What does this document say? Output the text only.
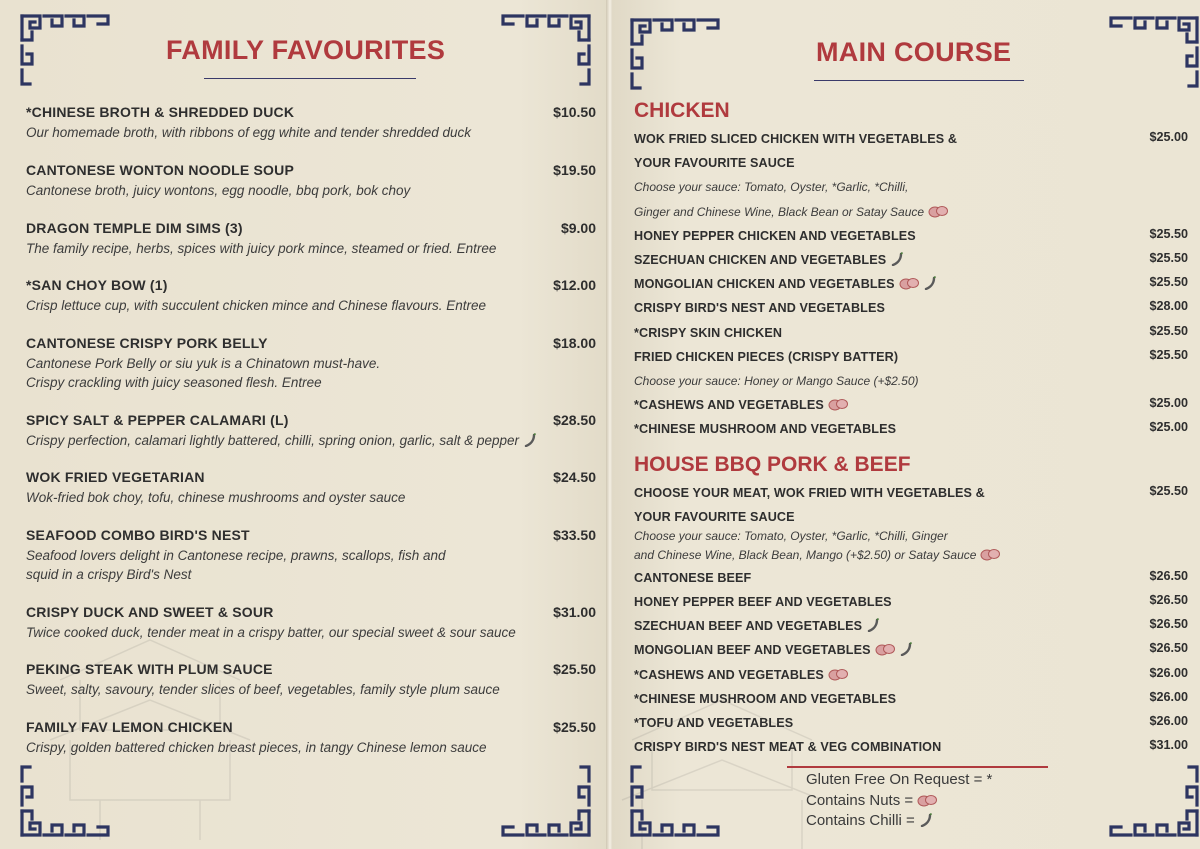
FAMILY FAVOURITES	MAIN COURSE
*CHINESE BROTH & SHREDDED DUCK	$10.50
Our homemade broth, with ribbons of egg white and tender shredded duck
CANTONESE WONTON NOODLE SOUP	$19.50
Cantonese broth, juicy wontons, egg noodle, bbq pork, bok choy
DRAGON TEMPLE DIM SIMS (3)	$9.00
The family recipe, herbs, spices with juicy pork mince, steamed or fried. Entree
*SAN CHOY BOW (1)	$12.00
Crisp lettuce cup, with succulent chicken mince and Chinese flavours. Entree
CANTONESE CRISPY PORK BELLY	$18.00
Cantonese Pork Belly or siu yuk is a Chinatown must-have.
Crispy crackling with juicy seasoned flesh. Entree
SPICY SALT & PEPPER CALAMARI (L)	$28.50
Crispy perfection, calamari lightly battered, chilli, spring onion, garlic, salt & pepper
WOK FRIED VEGETARIAN	$24.50
Wok-fried bok choy, tofu, chinese mushrooms and oyster sauce
SEAFOOD COMBO BIRD'S NEST	$33.50
Seafood lovers delight in Cantonese recipe, prawns, scallops, fish and
squid in a crispy Bird's Nest
CRISPY DUCK AND SWEET & SOUR	$31.00
Twice cooked duck, tender meat in a crispy batter, our special sweet & sour sauce
PEKING STEAK WITH PLUM SAUCE	$25.50
Sweet, salty, savoury, tender slices of beef, vegetables, family style plum sauce
FAMILY FAV LEMON CHICKEN	$25.50
Crispy, golden battered chicken breast pieces, in tangy Chinese lemon sauce
CHICKEN
HOUSE BBQ PORK & BEEF
WOK FRIED SLICED CHICKEN WITH VEGETABLES &	$25.00
YOUR FAVOURITE SAUCE
Choose your sauce: Tomato, Oyster, *Garlic, *Chilli,
Ginger and Chinese Wine, Black Bean or Satay Sauce
HONEY PEPPER CHICKEN AND VEGETABLES	$25.50
SZECHUAN CHICKEN AND VEGETABLES	$25.50
MONGOLIAN CHICKEN AND VEGETABLES	$25.50
CRISPY BIRD'S NEST AND VEGETABLES	$28.00
*CRISPY SKIN CHICKEN	$25.50
FRIED CHICKEN PIECES (CRISPY BATTER)	$25.50
Choose your sauce: Honey or Mango Sauce (+$2.50)
*CASHEWS AND VEGETABLES	$25.00
*CHINESE MUSHROOM AND VEGETABLES	$25.00
CHOOSE YOUR MEAT, WOK FRIED WITH VEGETABLES &	$25.50
YOUR FAVOURITE SAUCE
Choose your sauce: Tomato, Oyster, *Garlic, *Chilli, Ginger
and Chinese Wine, Black Bean, Mango (+$2.50) or Satay Sauce
CANTONESE BEEF	$26.50
HONEY PEPPER BEEF AND VEGETABLES	$26.50
SZECHUAN BEEF AND VEGETABLES	$26.50
MONGOLIAN BEEF AND VEGETABLES	$26.50
*CASHEWS AND VEGETABLES	$26.00
*CHINESE MUSHROOM AND VEGETABLES	$26.00
*TOFU AND VEGETABLES	$26.00
CRISPY BIRD'S NEST MEAT & VEG COMBINATION	$31.00
Gluten Free On Request = *
Contains Nuts =
Contains Chilli =
